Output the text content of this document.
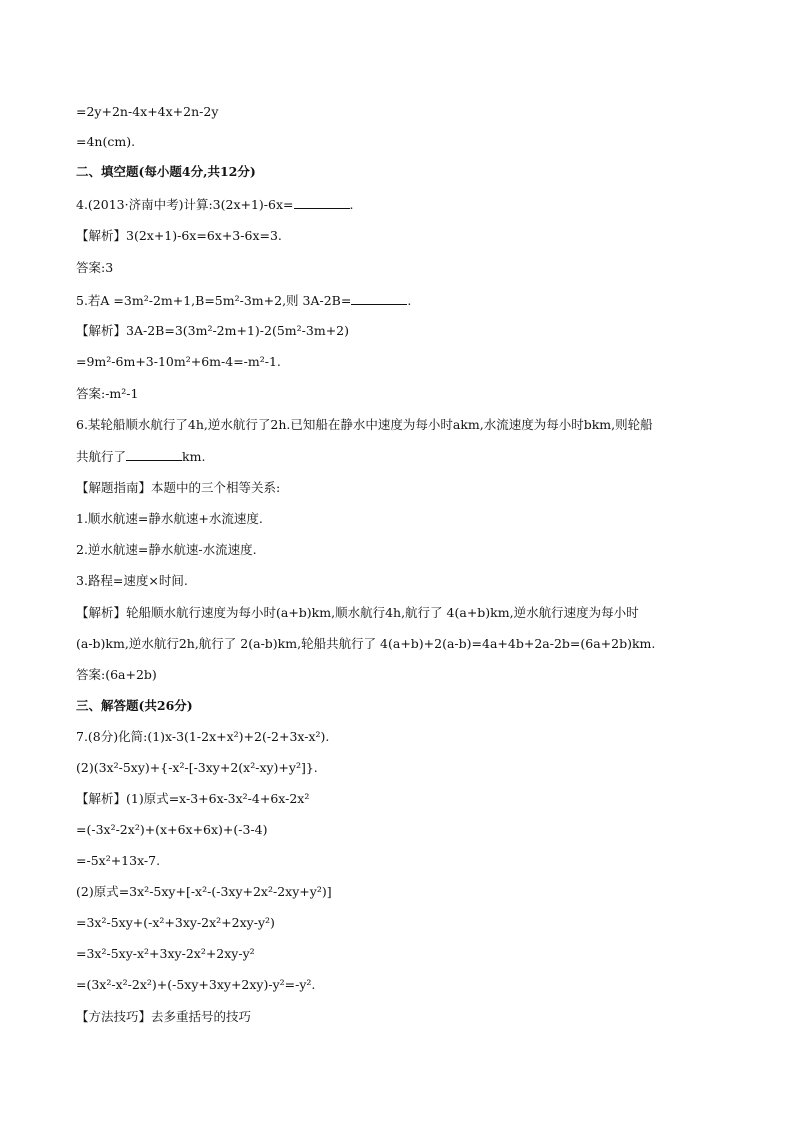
=2y+2n-4x+4x+2n-2y
=4n(cm).
二、填空题(每小题4分,共12分)
4.(2013·济南中考)计算:3(2x+1)-6x=	.
【解析】3(2x+1)-6x=6x+3-6x=3.
答案:3
5.若A =3m²-2m+1,B=5m²-3m+2,则 3A-2B=	.
【解析】3A-2B=3(3m²-2m+1)-2(5m²-3m+2)
=9m²-6m+3-10m²+6m-4=-m²-1.
答案:-m²-1
6.某轮船顺水航行了4h,逆水航行了2h.已知船在静水中速度为每小时akm,水流速度为每小时bkm,则轮船
共航行了	km.
【解题指南】本题中的三个相等关系:
1.顺水航速=静水航速+水流速度.
2.逆水航速=静水航速-水流速度.
3.路程=速度×时间.
【解析】轮船顺水航行速度为每小时(a+b)km,顺水航行4h,航行了 4(a+b)km,逆水航行速度为每小时
(a-b)km,逆水航行2h,航行了 2(a-b)km,轮船共航行了 4(a+b)+2(a-b)=4a+4b+2a-2b=(6a+2b)km.
答案:(6a+2b)
三、解答题(共26分)
7.(8分)化简:(1)x-3(1-2x+x²)+2(-2+3x-x²).
(2)(3x²-5xy)+{-x²-[-3xy+2(x²-xy)+y²]}.
【解析】(1)原式=x-3+6x-3x²-4+6x-2x²
=(-3x²-2x²)+(x+6x+6x)+(-3-4)
=-5x²+13x-7.
(2)原式=3x²-5xy+[-x²-(-3xy+2x²-2xy+y²)]
=3x²-5xy+(-x²+3xy-2x²+2xy-y²)
=3x²-5xy-x²+3xy-2x²+2xy-y²
=(3x²-x²-2x²)+(-5xy+3xy+2xy)-y²=-y².
【方法技巧】去多重括号的技巧
